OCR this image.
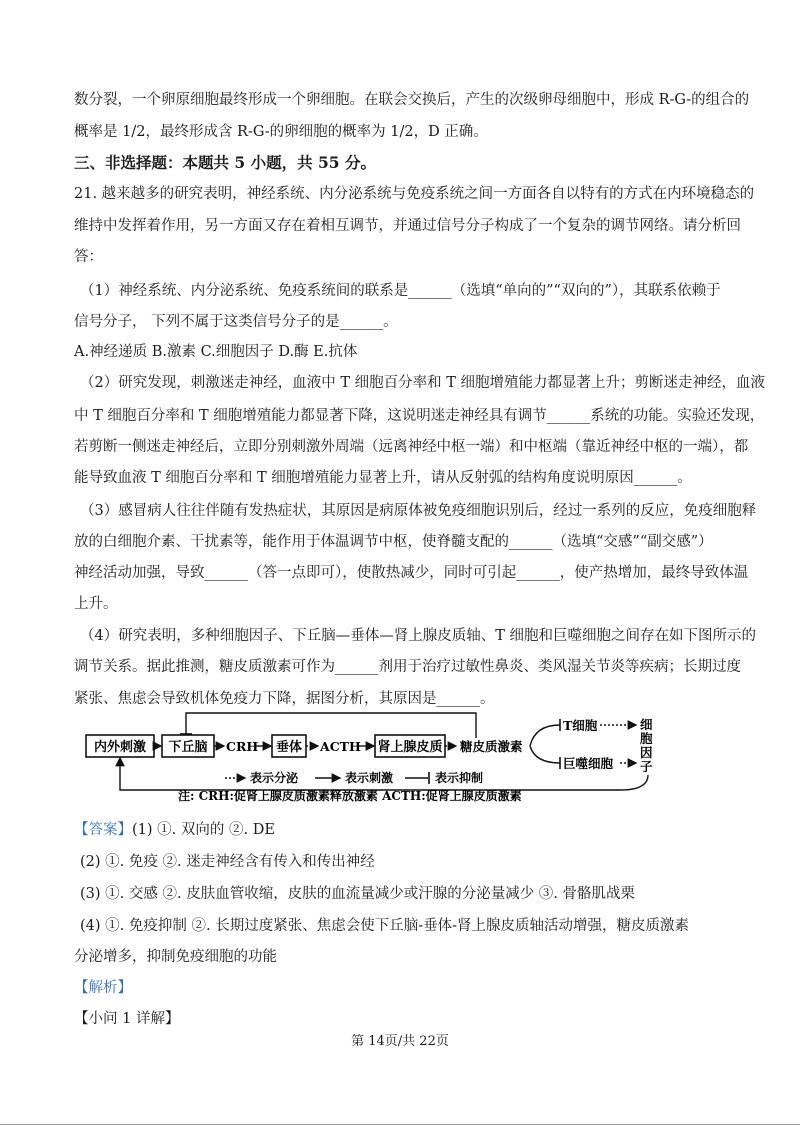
数分裂，一个卵原细胞最终形成一个卵细胞。在联会交换后，产生的次级卵母细胞中，形成 R-G-的组合的
概率是 1/2，最终形成含 R-G-的卵细胞的概率为 1/2，D 正确。
三、非选择题：本题共 5 小题，共 55 分。
21. 越来越多的研究表明，神经系统、内分泌系统与免疫系统之间一方面各自以特有的方式在内环境稳态的
维持中发挥着作用，另一方面又存在着相互调节，并通过信号分子构成了一个复杂的调节网络。请分析回
答：
（1）神经系统、内分泌系统、免疫系统间的联系是______（选填“单向的”“双向的”），其联系依赖于
信号分子， 下列不属于这类信号分子的是______。
A.神经递质 B.激素 C.细胞因子 D.酶 E.抗体
（2）研究发现，刺激迷走神经，血液中 T 细胞百分率和 T 细胞增殖能力都显著上升；剪断迷走神经，血液
中 T 细胞百分率和 T 细胞增殖能力都显著下降，这说明迷走神经具有调节______系统的功能。实验还发现，
若剪断一侧迷走神经后，立即分别刺激外周端（远离神经中枢一端）和中枢端（靠近神经中枢的一端），都
能导致血液 T 细胞百分率和 T 细胞增殖能力显著上升，请从反射弧的结构角度说明原因______。
（3）感冒病人往往伴随有发热症状，其原因是病原体被免疫细胞识别后，经过一系列的反应，免疫细胞释
放的白细胞介素、干扰素等，能作用于体温调节中枢，使脊髓支配的______（选填“交感”“副交感”）
神经活动加强，导致______（答一点即可），使散热减少，同时可引起______，使产热增加，最终导致体温
上升。
（4）研究表明，多种细胞因子、下丘脑—垂体—肾上腺皮质轴、T 细胞和巨噬细胞之间存在如下图所示的
调节关系。据此推测，糖皮质激素可作为______剂用于治疗过敏性鼻炎、类风湿关节炎等疾病；长期过度
紧张、焦虑会导致机体免疫力下降，据图分析，其原因是______。
内外刺激 下丘脑	垂体	肾上腺皮质
CRH	ACTH	糖皮质激素
T细胞
巨噬细胞
细
胞
因
子
表示分泌	表示刺激	表示抑制
注: CRH:促肾上腺皮质激素释放激素 ACTH:促肾上腺皮质激素
【答案】(1) ①. 双向的 ②. DE
(2) ①. 免疫 ②. 迷走神经含有传入和传出神经
(3) ①. 交感 ②. 皮肤血管收缩，皮肤的血流量减少或汗腺的分泌量减少 ③. 骨骼肌战栗
(4) ①. 免疫抑制 ②. 长期过度紧张、焦虑会使下丘脑-垂体-肾上腺皮质轴活动增强，糖皮质激素
分泌增多，抑制免疫细胞的功能
【解析】
【小问 1 详解】
第 14页/共 22页
